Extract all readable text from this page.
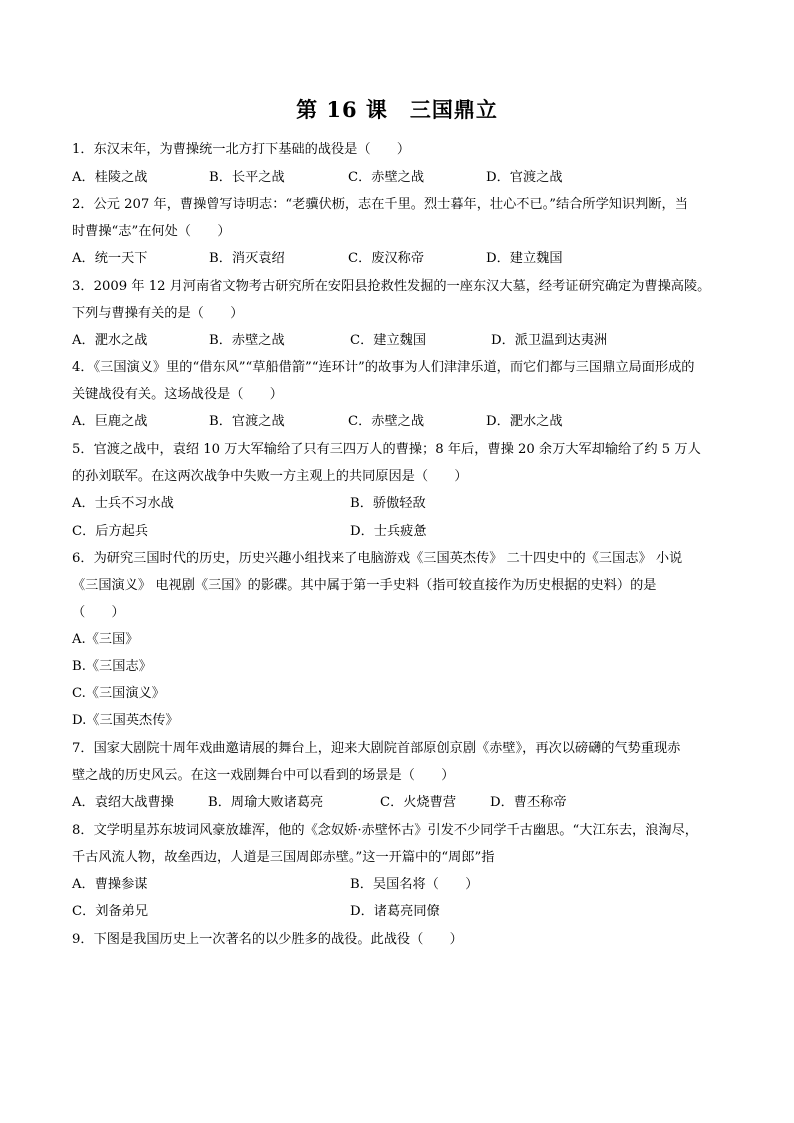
第 16 课　三国鼎立
1．东汉末年，为曹操统一北方打下基础的战役是（　　）
A．桂陵之战	B．长平之战	C．赤壁之战	D．官渡之战
2．公元 207 年，曹操曾写诗明志：“老骥伏枥，志在千里。烈士暮年，壮心不已。”结合所学知识判断，当
时曹操“志”在何处（　　）
A．统一天下	B．消灭袁绍	C．废汉称帝	D．建立魏国
3．2009 年 12 月河南省文物考古研究所在安阳县抢救性发掘的一座东汉大墓，经考证研究确定为曹操高陵。
下列与曹操有关的是（　　）
A．淝水之战	B．赤壁之战	C．建立魏国	D．派卫温到达夷洲
4．《三国演义》里的“借东风”“草船借箭”“连环计”的故事为人们津津乐道，而它们都与三国鼎立局面形成的
关键战役有关。这场战役是（　　）
A．巨鹿之战	B．官渡之战	C．赤壁之战	D．淝水之战
5．官渡之战中，袁绍 10 万大军输给了只有三四万人的曹操；8 年后，曹操 20 余万大军却输给了约 5 万人
的孙刘联军。在这两次战争中失败一方主观上的共同原因是（　　）
A．士兵不习水战	B．骄傲轻敌
C．后方起兵	D．士兵疲惫
6．为研究三国时代的历史，历史兴趣小组找来了电脑游戏《三国英杰传》 二十四史中的《三国志》 小说
《三国演义》 电视剧《三国》的影碟。其中属于第一手史料（指可较直接作为历史根据的史料）的是
（　　）
A.《三国》
B.《三国志》
C.《三国演义》
D.《三国英杰传》
7．国家大剧院十周年戏曲邀请展的舞台上，迎来大剧院首部原创京剧《赤壁》，再次以磅礴的气势重现赤
壁之战的历史风云。在这一戏剧舞台中可以看到的场景是（　　）
A．袁绍大战曹操	B．周瑜大败诸葛亮	C．火烧曹营	D．曹丕称帝
8．文学明星苏东坡词风豪放雄浑，他的《念奴娇·赤壁怀古》引发不少同学千古幽思。“大江东去，浪淘尽，
千古风流人物，故垒西边，人道是三国周郎赤壁。”这一开篇中的“周郎”指
A．曹操参谋	B．吴国名将（　　）
C．刘备弟兄	D．诸葛亮同僚
9．下图是我国历史上一次著名的以少胜多的战役。此战役（　　）
